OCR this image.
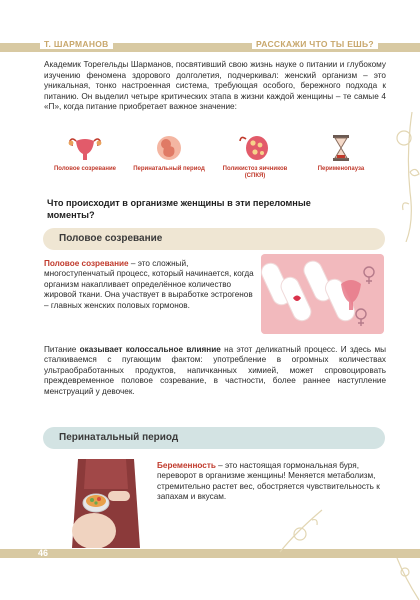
Т. ШАРМАНОВ	РАССКАЖИ ЧТО ТЫ ЕШЬ?
Академик Торегельды Шарманов, посвятивший свою жизнь науке о питании и глубокому изучению феномена здорового долголетия, подчеркивал: женский организм – это уникальная, тонко настроенная система, требующая особого, бережного подхода к питанию. Он выделил четыре критических этапа в жизни каждой женщины – те самые 4 «П», когда питание приобретает важное значение:
Половое созревание	Перинатальный период	Поликистоз яичников (СПКЯ)
Перименопауза
Что происходит в организме женщины в эти переломные моменты?
Половое созревание
Половое созревание – это сложный, многоступенчатый процесс, который начинается, когда организм накапливает определённое количество жировой ткани. Она участвует в выработке эстрогенов – главных женских половых гормонов.
Питание оказывает колоссальное влияние на этот деликатный процесс. И здесь мы сталкиваемся с пугающим фактом: употребление в огромных количествах ультраобработанных продуктов, напичканных химией, может спровоцировать преждевременное половое созревание, в частности, более раннее наступление менструаций у девочек.
Перинатальный период
Беременность – это настоящая гормональная буря, переворот в организме женщины! Меняется метаболизм, стремительно растет вес, обостряется чувствительность к запахам и вкусам.
46
